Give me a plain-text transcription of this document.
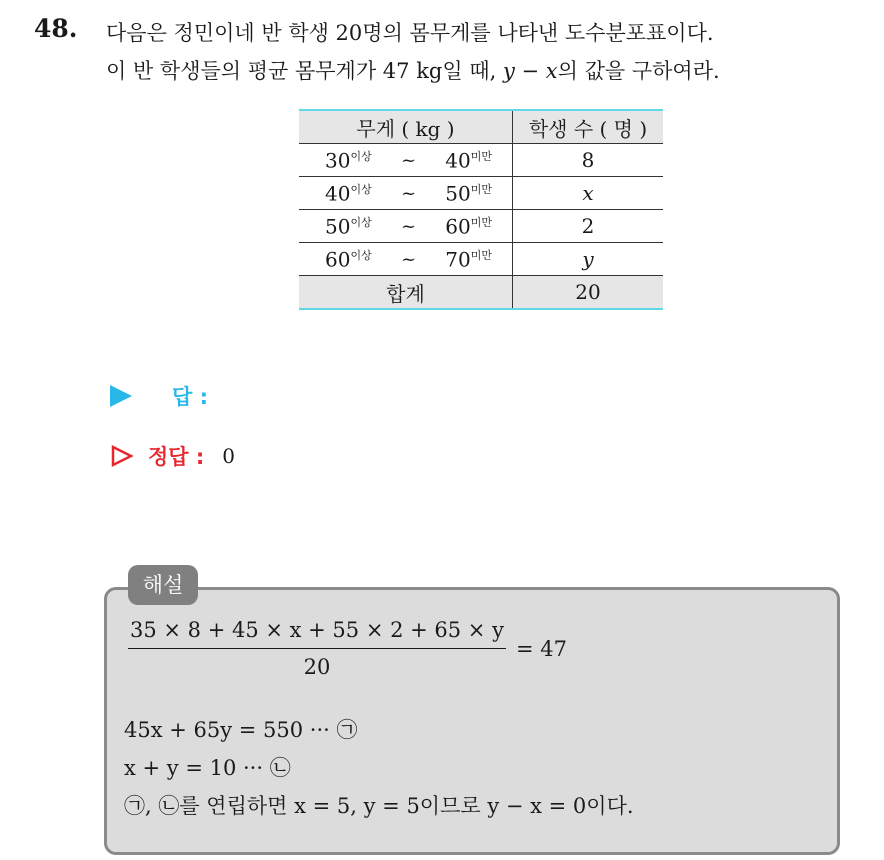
48. 다음은 정민이네 반 학생 20명의 몸무게를 나타낸 도수분포표이다.
이 반 학생들의 평균 몸무게가 47 kg일 때, y − x의 값을 구하여라.
무게 ( kg )	학생 수 ( 명 )

$30^{이상}$ ~ $40^{미만}$	8

$40^{이상}$ ~ $50^{미만}$	x

$50^{이상}$ ~ $60^{미만}$	2

$60^{이상}$ ~ $70^{미만}$	y
합계	20
답 :
정답 : 0
해설
$\frac{35 \times 8 + 45 \times x + 55 \times 2 + 65 \times y}{20} = 47$
45x + 65y = 550 ··· ㉠
x + y = 10 ··· ㉡
㉠, ㉡를 연립하면 x = 5, y = 5이므로 y − x = 0이다.
